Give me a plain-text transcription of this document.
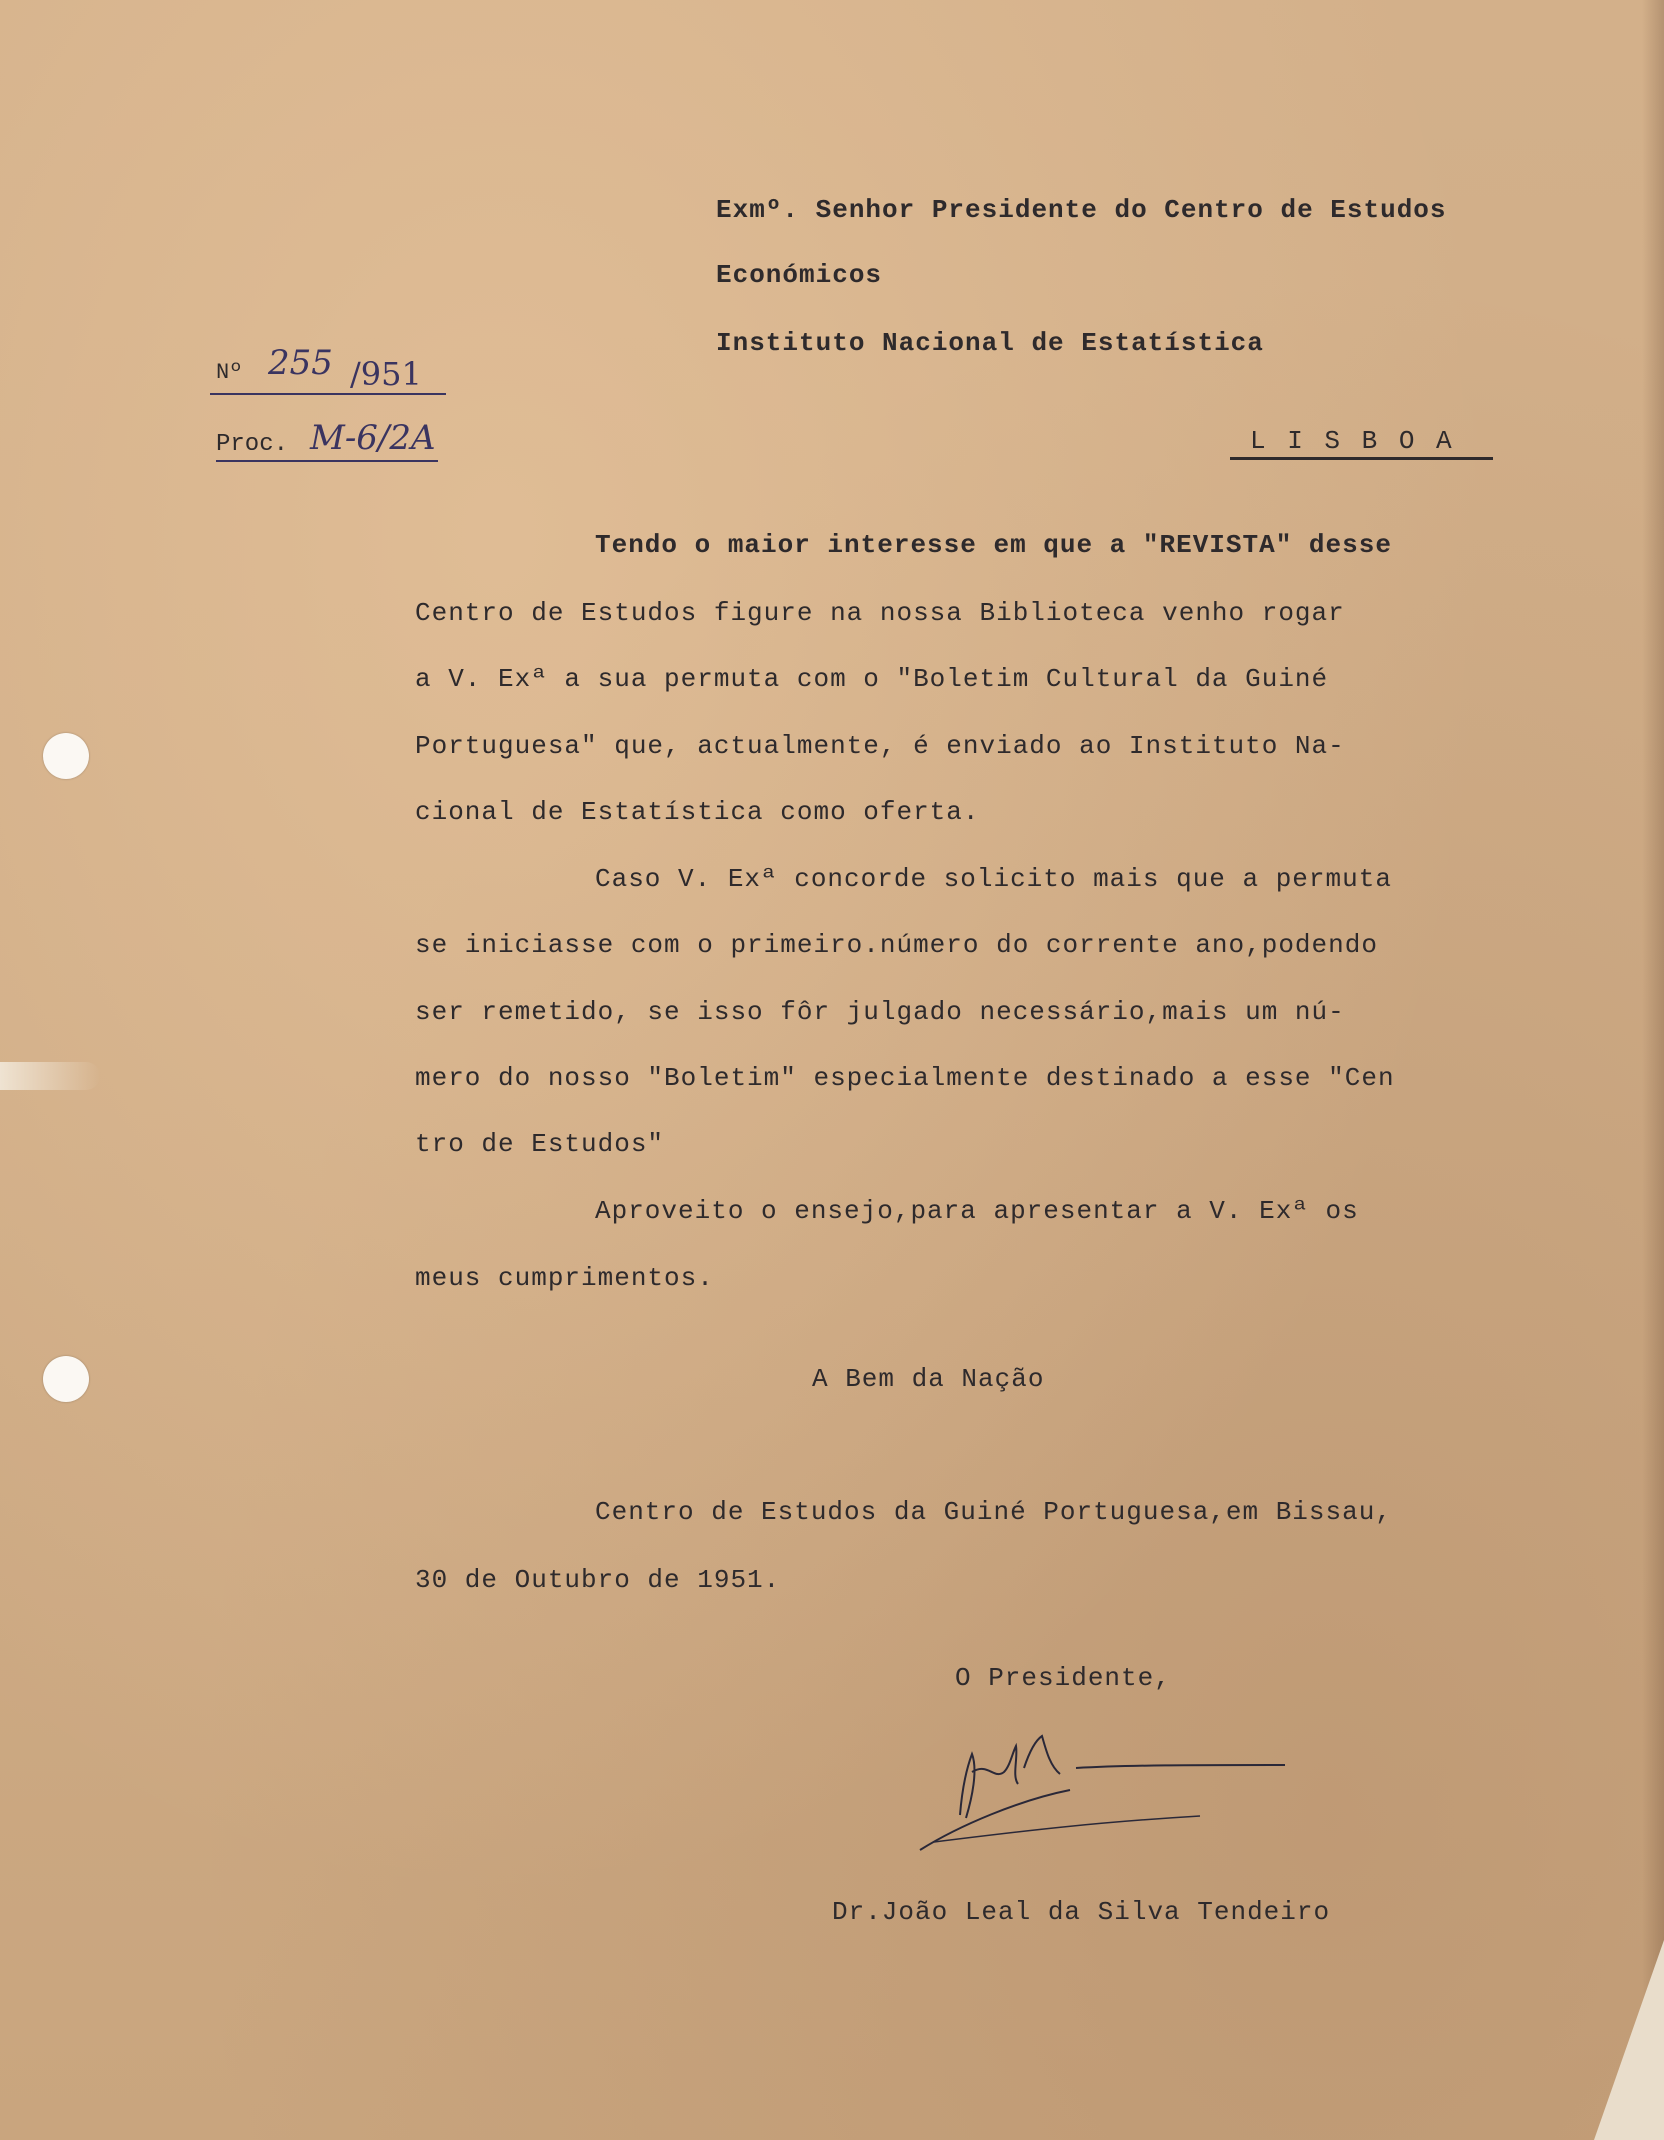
Exmº. Senhor Presidente do Centro de Estudos
Económicos
Instituto Nacional de Estatística
L I S B O A
Nº 255 /951
Proc. M-6/2A
Tendo o maior interesse em que a "REVISTA" desse
Centro de Estudos figure na nossa Biblioteca venho rogar
a V. Exª a sua permuta com o "Boletim Cultural da Guiné
Portuguesa" que, actualmente, é enviado ao Instituto Na-
cional de Estatística como oferta.
Caso V. Exª concorde solicito mais que a permuta
se iniciasse com o primeiro.número do corrente ano,podendo
ser remetido, se isso fôr julgado necessário,mais um nú-
mero do nosso "Boletim" especialmente destinado a esse "Cen
tro de Estudos"
Aproveito o ensejo,para apresentar a V. Exª os
meus cumprimentos.
A Bem da Nação
Centro de Estudos da Guiné Portuguesa,em Bissau,
30 de Outubro de 1951.
O Presidente,
Dr.João Leal da Silva Tendeiro
